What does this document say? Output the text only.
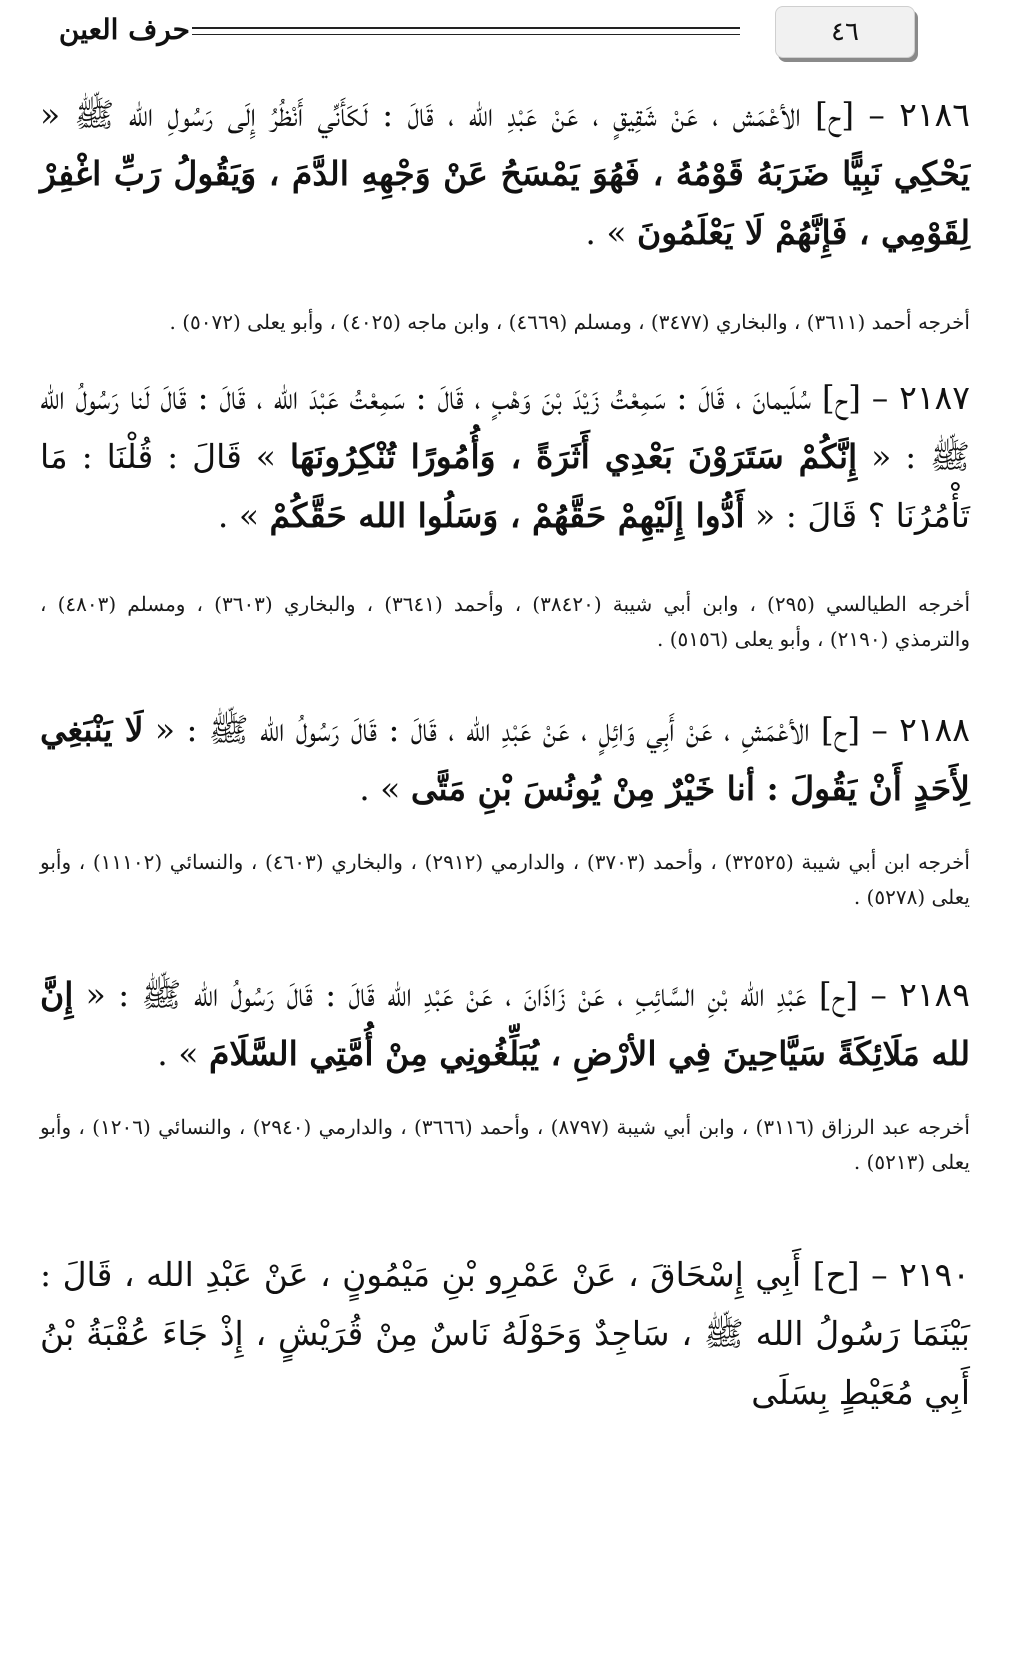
٤٦
حرف العين
٢١٨٦ – [ح] الأعْمَش ، عَنْ شَقِيقٍ ، عَنْ عَبْدِ الله ، قَالَ : لَكَأَنِّي أَنْظُرُ إِلَى رَسُولِ الله ﷺ « يَحْكِي نَبِيًّا ضَرَبَهُ قَوْمُهُ ، فَهُوَ يَمْسَحُ عَنْ وَجْهِهِ الدَّمَ ، وَيَقُولُ رَبِّ اغْفِرْ لِقَوْمِي ، فَإِنَّهُمْ لَا يَعْلَمُونَ » .
أخرجه أحمد (٣٦١١) ، والبخاري (٣٤٧٧) ، ومسلم (٤٦٦٩) ، وابن ماجه (٤٠٢٥) ، وأبو يعلى (٥٠٧٢) .
٢١٨٧ – [ح] سُلَيمانَ ، قَالَ : سَمِعْتُ زَيْدَ بْنَ وَهْبٍ ، قَالَ : سَمِعْتُ عَبْدَ الله ، قَالَ : قَالَ لَنا رَسُولُ الله ﷺ : « إِنَّكُمْ سَتَرَوْنَ بَعْدِي أَثَرَةً ، وَأُمُورًا تُنْكِرُونَهَا » قَالَ : قُلْنَا : مَا تَأْمُرُنَا ؟ قَالَ : « أَدُّوا إِلَيْهِمْ حَقَّهُمْ ، وَسَلُوا الله حَقَّكُمْ » .
أخرجه الطيالسي (٢٩٥) ، وابن أبي شيبة (٣٨٤٢٠) ، وأحمد (٣٦٤١) ، والبخاري (٣٦٠٣) ، ومسلم (٤٨٠٣) ، والترمذي (٢١٩٠) ، وأبو يعلى (٥١٥٦) .
٢١٨٨ – [ح] الأعْمَشِ ، عَنْ أَبِي وَائِلٍ ، عَنْ عَبْدِ الله ، قَالَ : قَالَ رَسُولُ الله ﷺ : « لَا يَنْبَغِي لِأَحَدٍ أَنْ يَقُولَ : أنا خَيْرٌ مِنْ يُونُسَ بْنِ مَتَّى » .
أخرجه ابن أبي شيبة (٣٢٥٢٥) ، وأحمد (٣٧٠٣) ، والدارمي (٢٩١٢) ، والبخاري (٤٦٠٣) ، والنسائي (١١١٠٢) ، وأبو يعلى (٥٢٧٨) .
٢١٨٩ – [ح] عَبْدِ الله بْنِ السَّائِبِ ، عَنْ زَاذَانَ ، عَنْ عَبْدِ الله قَالَ : قَالَ رَسُولُ الله ﷺ : « إِنَّ لله مَلَائِكَةً سَيَّاحِينَ فِي الأرْضِ ، يُبَلِّغُونِي مِنْ أُمَّتِي السَّلَامَ » .
أخرجه عبد الرزاق (٣١١٦) ، وابن أبي شيبة (٨٧٩٧) ، وأحمد (٣٦٦٦) ، والدارمي (٢٩٤٠) ، والنسائي (١٢٠٦) ، وأبو يعلى (٥٢١٣) .
٢١٩٠ – [ح] أَبِي إِسْحَاقَ ، عَنْ عَمْرِو بْنِ مَيْمُونٍ ، عَنْ عَبْدِ الله ، قَالَ : بَيْنَمَا رَسُولُ الله ﷺ ، سَاجِدٌ وَحَوْلَهُ نَاسٌ مِنْ قُرَيْشٍ ، إِذْ جَاءَ عُقْبَةُ بْنُ أَبِي مُعَيْطٍ بِسَلَى
